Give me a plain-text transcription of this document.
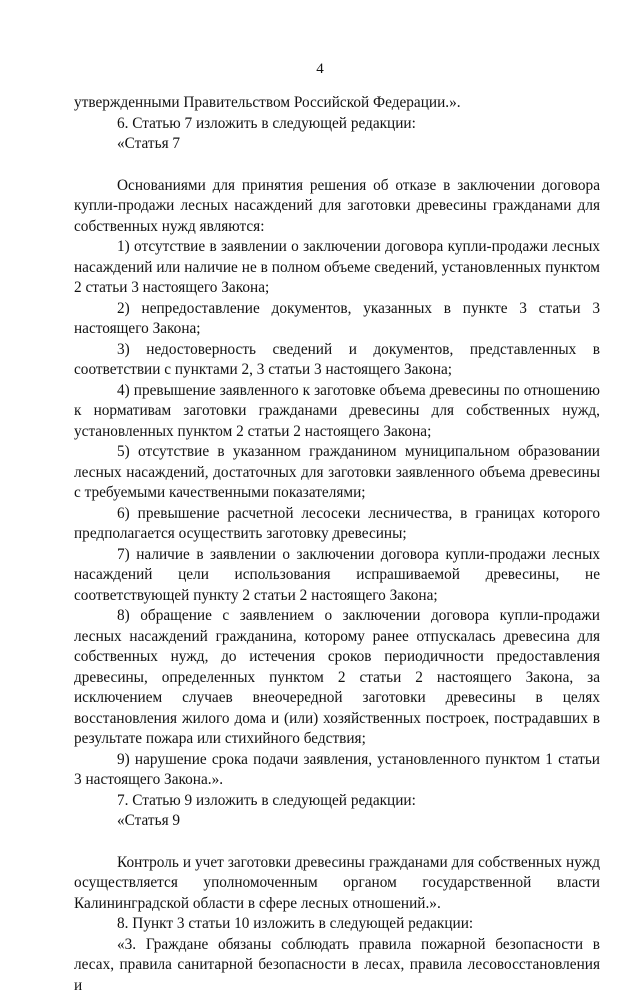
4

утвержденными Правительством Российской Федерации.».

6. Статью 7 изложить в следующей редакции:

«Статья 7

Основаниями для принятия решения об отказе в заключении договора купли-продажи лесных насаждений для заготовки древесины гражданами для собственных нужд являются:

1) отсутствие в заявлении о заключении договора купли-продажи лесных насаждений или наличие не в полном объеме сведений, установленных пунктом 2 статьи 3 настоящего Закона;

2) непредоставление документов, указанных в пункте 3 статьи 3 настоящего Закона;

3) недостоверность сведений и документов, представленных в соответствии с пунктами 2, 3 статьи 3 настоящего Закона;

4) превышение заявленного к заготовке объема древесины по отношению к нормативам заготовки гражданами древесины для собственных нужд, установленных пунктом 2 статьи 2 настоящего Закона;

5) отсутствие в указанном гражданином муниципальном образовании лесных насаждений, достаточных для заготовки заявленного объема древесины с требуемыми качественными показателями;

6) превышение расчетной лесосеки лесничества, в границах которого предполагается осуществить заготовку древесины;

7) наличие в заявлении о заключении договора купли-продажи лесных насаждений цели использования испрашиваемой древесины, не соответствующей пункту 2 статьи 2 настоящего Закона;

8) обращение с заявлением о заключении договора купли-продажи лесных насаждений гражданина, которому ранее отпускалась древесина для собственных нужд, до истечения сроков периодичности предоставления древесины, определенных пунктом 2 статьи 2 настоящего Закона, за исключением случаев внеочередной заготовки древесины в целях восстановления жилого дома и (или) хозяйственных построек, пострадавших в результате пожара или стихийного бедствия;

9) нарушение срока подачи заявления, установленного пунктом 1 статьи 3 настоящего Закона.».

7. Статью 9 изложить в следующей редакции:

«Статья 9

Контроль и учет заготовки древесины гражданами для собственных нужд осуществляется уполномоченным органом государственной власти Калининградской области в сфере лесных отношений.».

8. Пункт 3 статьи 10 изложить в следующей редакции:

«3. Граждане обязаны соблюдать правила пожарной безопасности в лесах, правила санитарной безопасности в лесах, правила лесовосстановления и
